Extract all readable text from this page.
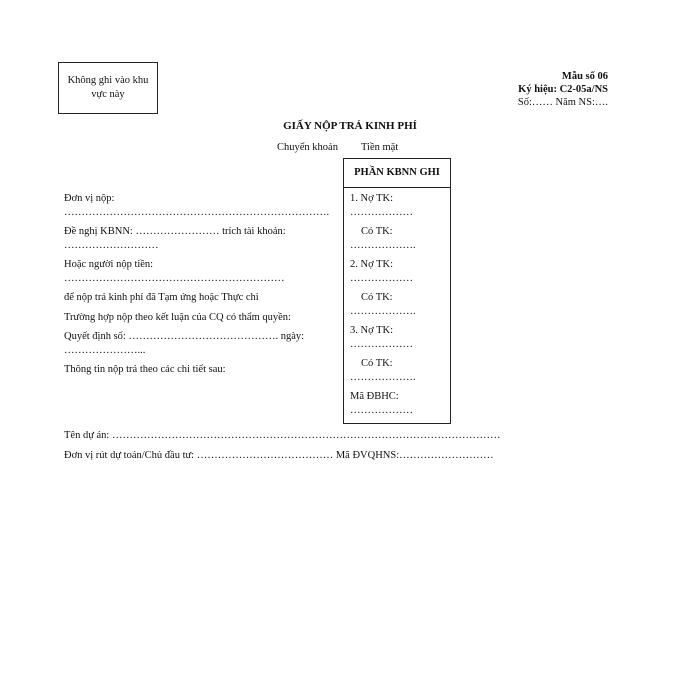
Không ghi vào khu vực này
Mẫu số 06
Ký hiệu: C2-05a/NS
Số:…… Năm NS:….
GIẤY NỘP TRẢ KINH PHÍ
Chuyển khoản Tiền mặt
Đơn vị nộp:
………………………………………………………………….
Đề nghị KBNN: …………………… trích tài khoản:
………………………
Hoặc người nộp tiền:
………………………………………………………
để nộp trả kinh phí đã Tạm ứng hoặc Thực chi
Trường hợp nộp theo kết luận của CQ có thẩm quyền:
Quyết định số: ……………………………………. ngày:
…………………...
Thông tin nộp trả theo các chi tiết sau:
PHẦN KBNN GHI
1. Nợ TK:
………………
Có TK:
……………….
2. Nợ TK:
………………
Có TK:
……………….
3. Nợ TK:
………………
Có TK:
……………….
Mã ĐBHC:
………………
Tên dự án: …………………………………………………………………………………………………
Đơn vị rút dự toán/Chủ đầu tư: ………………………………… Mã ĐVQHNS:………………………
